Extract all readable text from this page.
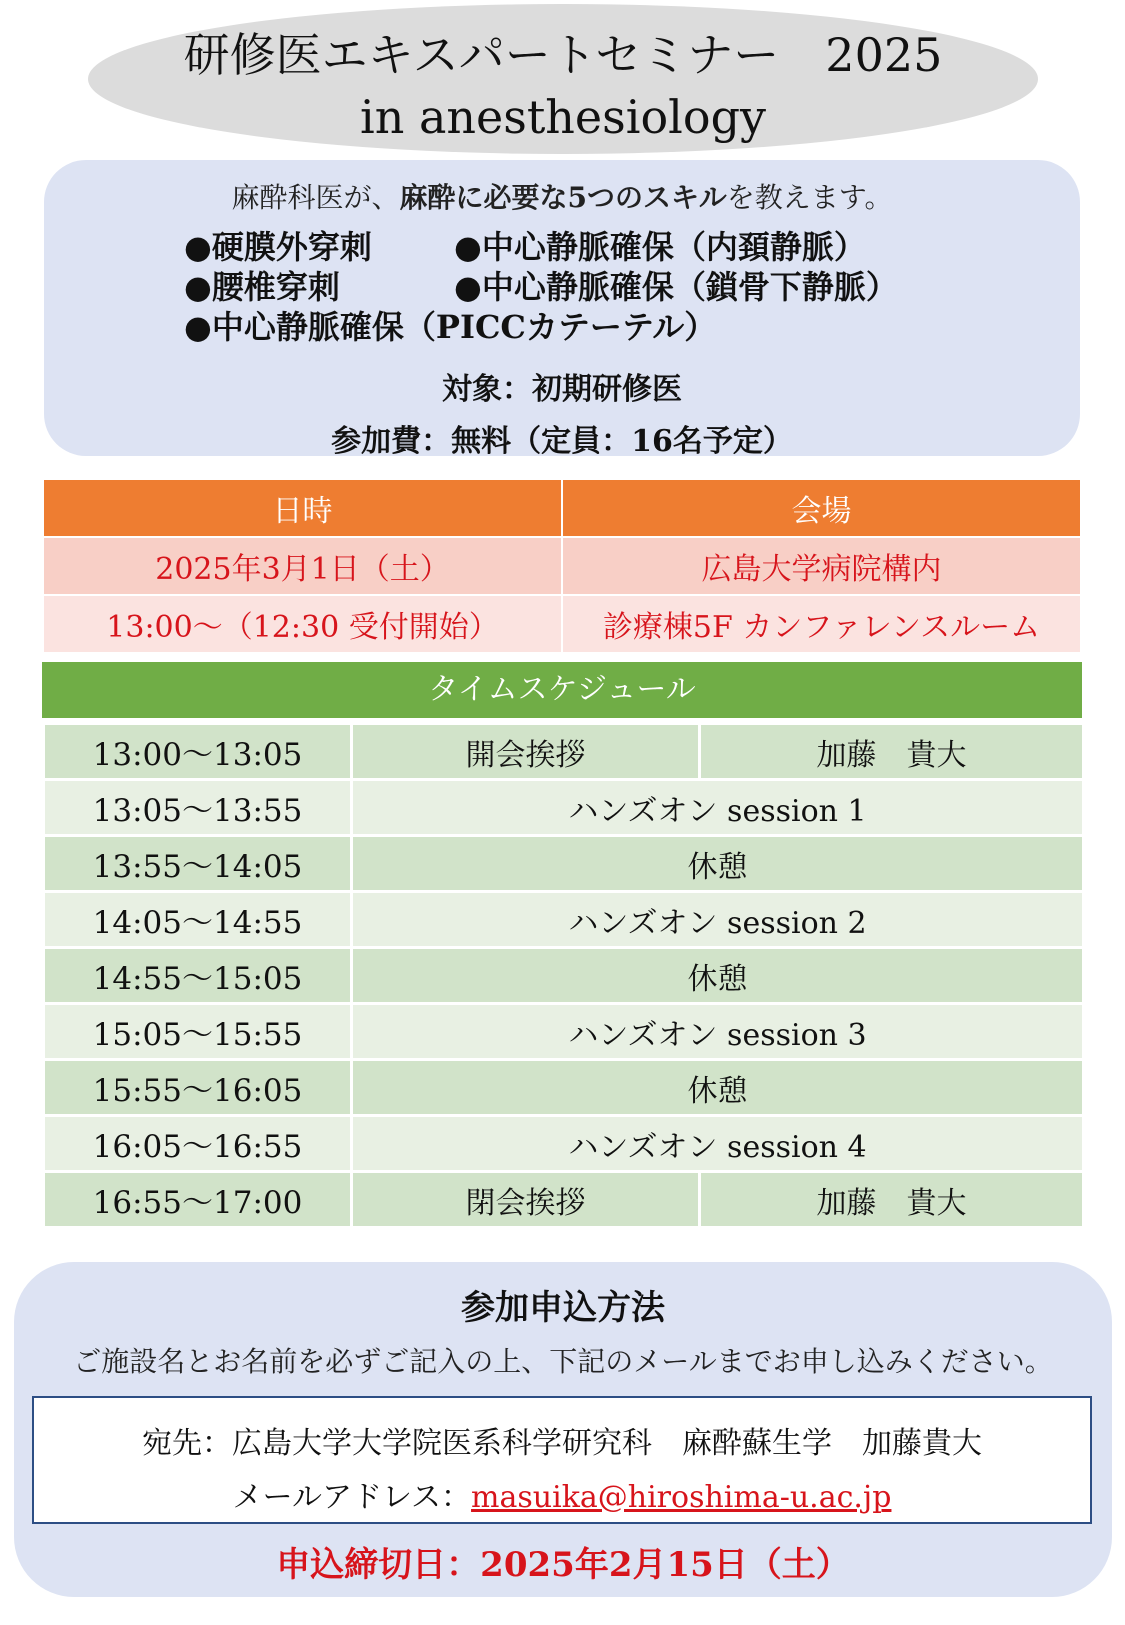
研修医エキスパートセミナー　2025
in anesthesiology
麻酔科医が、麻酔に必要な5つのスキルを教えます。
●硬膜外穿刺	●中心静脈確保（内頚静脈）
●腰椎穿刺	●中心静脈確保（鎖骨下静脈）
●中心静脈確保（PICCカテーテル）
対象：初期研修医
参加費：無料（定員：16名予定）
日時	会場
2025年3月1日（土）	広島大学病院構内
13:00～（12:30 受付開始）	診療棟5F カンファレンスルーム
タイムスケジュール
13:00～13:05	開会挨拶	加藤　貴大
13:05～13:55	ハンズオン session 1	
13:55～14:05	休憩	
14:05～14:55	ハンズオン session 2	
14:55～15:05	休憩	
15:05～15:55	ハンズオン session 3	
15:55～16:05	休憩	
16:05～16:55	ハンズオン session 4	
16:55～17:00	閉会挨拶	加藤　貴大
参加申込方法
ご施設名とお名前を必ずご記入の上、下記のメールまでお申し込みください。
宛先：広島大学大学院医系科学研究科　麻酔蘇生学　加藤貴大
メールアドレス：masuika@hiroshima-u.ac.jp
申込締切日：2025年2月15日（土）
